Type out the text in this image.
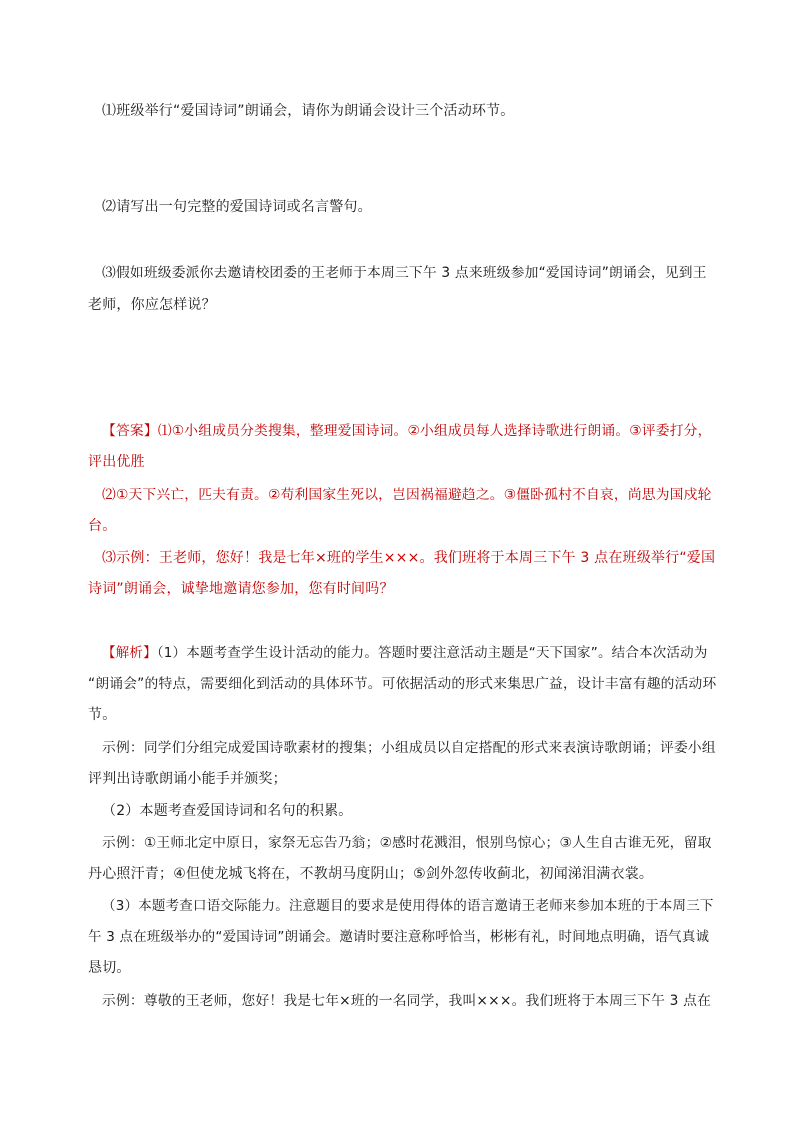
⑴班级举行“爱国诗词”朗诵会，请你为朗诵会设计三个活动环节。
⑵请写出一句完整的爱国诗词或名言警句。
⑶假如班级委派你去邀请校团委的王老师于本周三下午 3 点来班级参加“爱国诗词”朗诵会，见到王
老师，你应怎样说？
【答案】⑴①小组成员分类搜集，整理爱国诗词。②小组成员每人选择诗歌进行朗诵。③评委打分，
评出优胜
⑵①天下兴亡，匹夫有责。②苟利国家生死以，岂因祸福避趋之。③僵卧孤村不自哀，尚思为国戍轮
台。
⑶示例：王老师，您好！我是七年×班的学生×××。我们班将于本周三下午 3 点在班级举行“爱国
诗词”朗诵会，诚挚地邀请您参加，您有时间吗？
【解析】（1）本题考查学生设计活动的能力。答题时要注意活动主题是“天下国家”。结合本次活动为
“朗诵会”的特点，需要细化到活动的具体环节。可依据活动的形式来集思广益，设计丰富有趣的活动环
节。
示例：同学们分组完成爱国诗歌素材的搜集；小组成员以自定搭配的形式来表演诗歌朗诵；评委小组
评判出诗歌朗诵小能手并颁奖；
（2）本题考查爱国诗词和名句的积累。
示例：①王师北定中原日，家祭无忘告乃翁；②感时花溅泪，恨别鸟惊心；③人生自古谁无死，留取
丹心照汗青；④但使龙城飞将在，不教胡马度阴山；⑤剑外忽传收蓟北，初闻涕泪满衣裳。
（3）本题考查口语交际能力。注意题目的要求是使用得体的语言邀请王老师来参加本班的于本周三下
午 3 点在班级举办的“爱国诗词”朗诵会。邀请时要注意称呼恰当，彬彬有礼，时间地点明确，语气真诚
恳切。
示例：尊敬的王老师，您好！我是七年×班的一名同学，我叫×××。我们班将于本周三下午 3 点在
